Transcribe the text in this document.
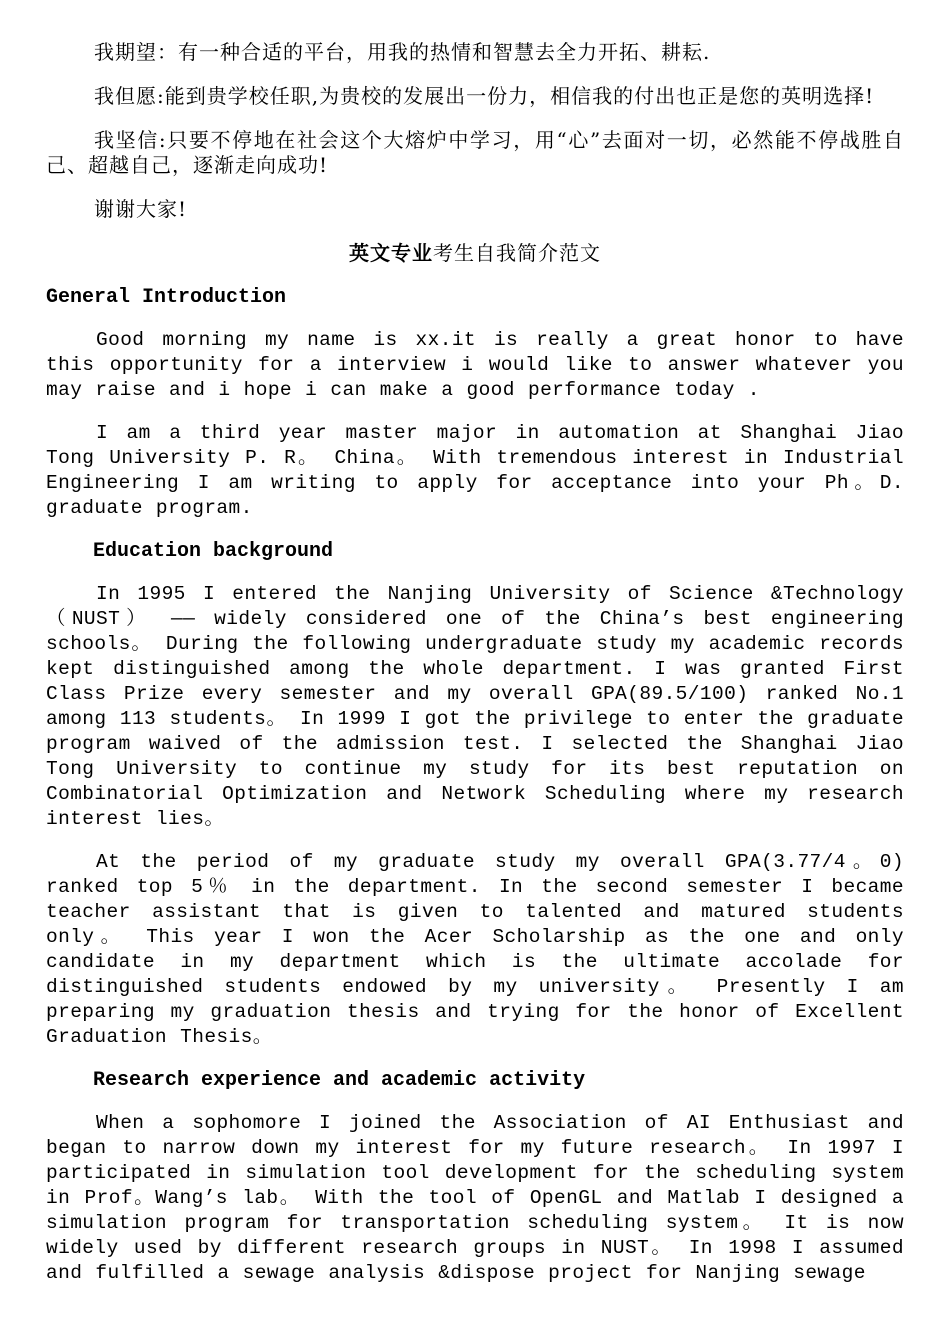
我期望：有一种合适的平台，用我的热情和智慧去全力开拓、耕耘.

我但愿:能到贵学校任职,为贵校的发展出一份力，相信我的付出也正是您的英明选择!

我坚信:只要不停地在社会这个大熔炉中学习，用“心”去面对一切，必然能不停战胜自己、超越自己，逐渐走向成功!

谢谢大家!

英文专业考生自我简介范文
General Introduction

Good morning my name is xx.it is really a great honor to have this opportunity for a interview i would like to answer whatever you may raise and i hope i can make a good performance today .

I am a third year master major in automation at Shanghai Jiao Tong University P. R。 China。 With tremendous interest in Industrial Engineering I am writing to apply for acceptance into your Ph。D. graduate program.

Education background

In 1995 I entered the Nanjing University of Science &Technology（NUST） —— widely considered one of the China’s best engineering schools。 During the following undergraduate study my academic records kept distinguished among the whole department. I was granted First Class Prize every semester and my overall GPA(89.5/100) ranked No.1 among 113 students。 In 1999 I got the privilege to enter the graduate program waived of the admission test. I selected the Shanghai Jiao Tong University to continue my study for its best reputation on Combinatorial Optimization and Network Scheduling where my research interest lies。

At the period of my graduate study my overall GPA(3.77/4。0) ranked top 5％ in the department. In the second semester I became teacher assistant that is given to talented and matured students only。 This year I won the Acer Scholarship as the one and only candidate in my department which is the ultimate accolade for distinguished students endowed by my university。 Presently I am preparing my graduation thesis and trying for the honor of Excellent Graduation Thesis。

Research experience and academic activity

When a sophomore I joined the Association of AI Enthusiast and began to narrow down my interest for my future research。 In 1997 I participated in simulation tool development for the scheduling system in Prof。Wang’s lab。 With the tool of OpenGL and Matlab I designed a simulation program for transportation scheduling system。 It is now widely used by different research groups in NUST。 In 1998 I assumed and fulfilled a sewage analysis &dispose project for Nanjing sewage
